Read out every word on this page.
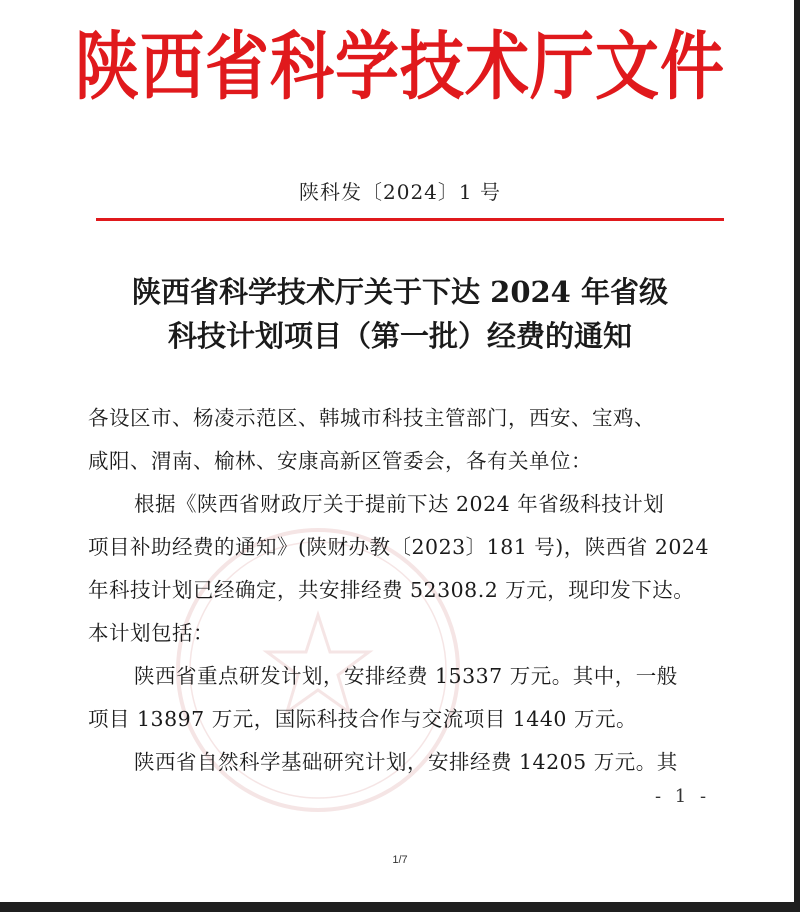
陕西省科学技术厅文件
陕科发〔2024〕1 号
陕西省科学技术厅关于下达 2024 年省级
科技计划项目（第一批）经费的通知
各设区市、杨凌示范区、韩城市科技主管部门，西安、宝鸡、
咸阳、渭南、榆林、安康高新区管委会，各有关单位：
根据《陕西省财政厅关于提前下达 2024 年省级科技计划
项目补助经费的通知》(陕财办教〔2023〕181 号)，陕西省 2024
年科技计划已经确定，共安排经费 52308.2 万元，现印发下达。
本计划包括：
陕西省重点研发计划，安排经费 15337 万元。其中，一般
项目 13897 万元，国际科技合作与交流项目 1440 万元。
陕西省自然科学基础研究计划，安排经费 14205 万元。其
- 1 -
1/7
